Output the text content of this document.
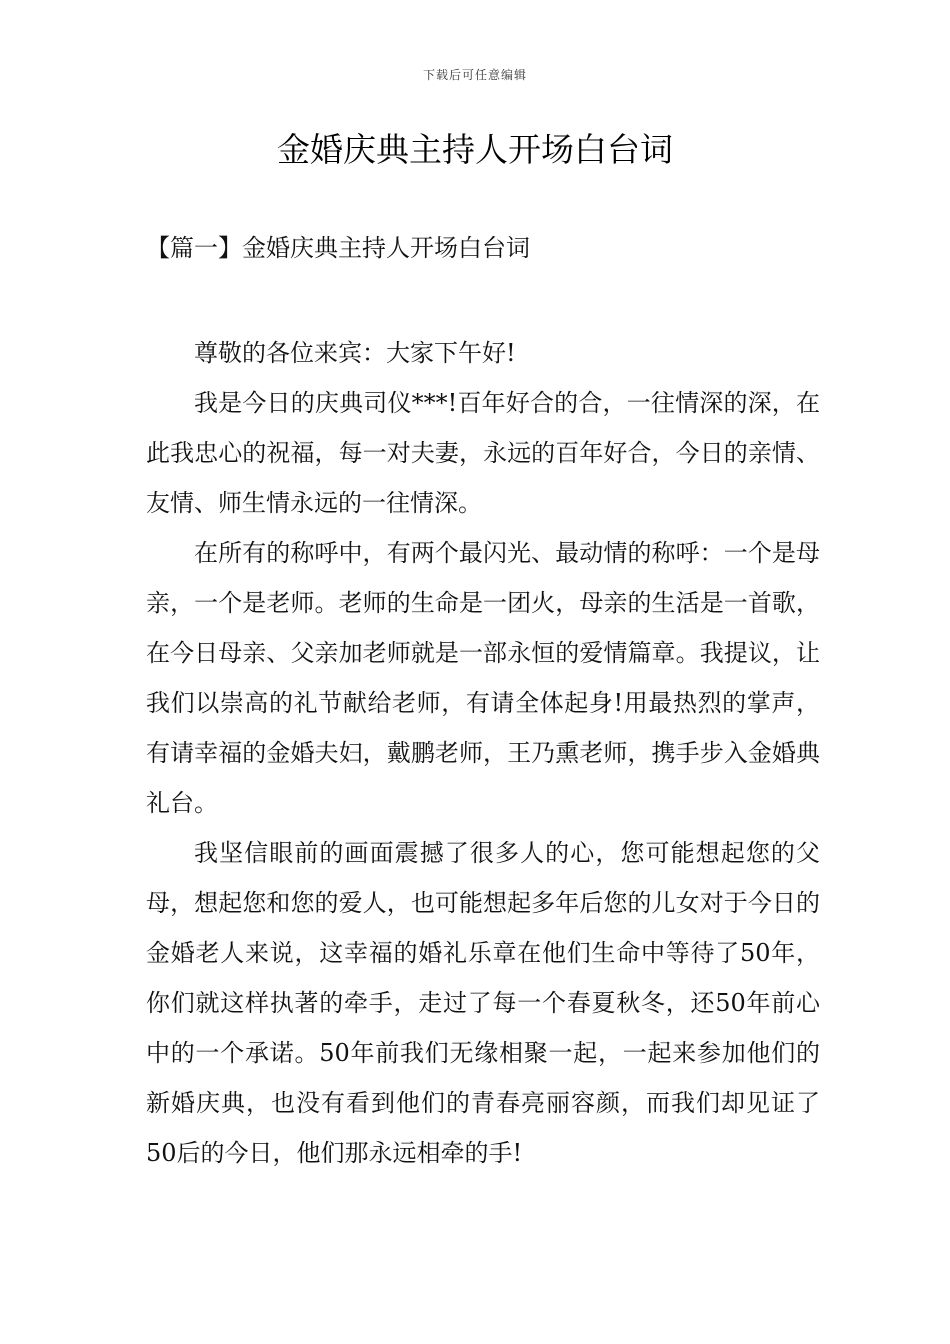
下载后可任意编辑
金婚庆典主持人开场白台词
【篇一】金婚庆典主持人开场白台词

尊敬的各位来宾：大家下午好!

我是今日的庆典司仪***!百年好合的合，一往情深的深，在此我忠心的祝福，每一对夫妻，永远的百年好合，今日的亲情、友情、师生情永远的一往情深。

在所有的称呼中，有两个最闪光、最动情的称呼：一个是母亲，一个是老师。老师的生命是一团火，母亲的生活是一首歌，在今日母亲、父亲加老师就是一部永恒的爱情篇章。我提议，让我们以崇高的礼节献给老师，有请全体起身!用最热烈的掌声，有请幸福的金婚夫妇，戴鹏老师，王乃熏老师，携手步入金婚典礼台。

我坚信眼前的画面震撼了很多人的心，您可能想起您的父母，想起您和您的爱人，也可能想起多年后您的儿女对于今日的金婚老人来说，这幸福的婚礼乐章在他们生命中等待了50年，你们就这样执著的牵手，走过了每一个春夏秋冬，还50年前心中的一个承诺。50年前我们无缘相聚一起，一起来参加他们的新婚庆典，也没有看到他们的青春亮丽容颜，而我们却见证了50后的今日，他们那永远相牵的手!
